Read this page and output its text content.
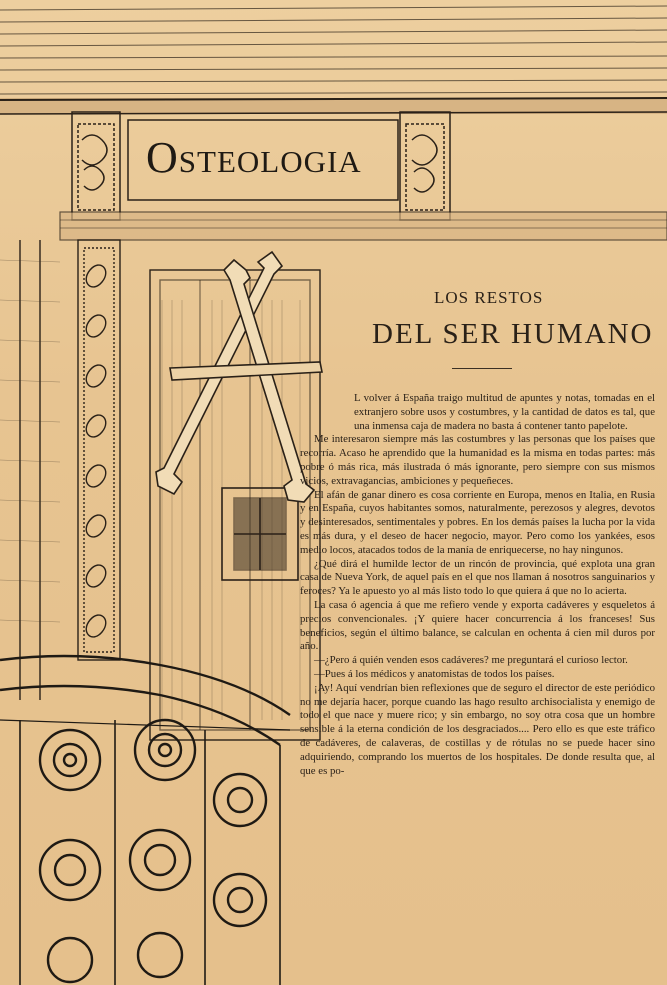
Osteologia
LOS RESTOS
DEL SER HUMANO

L volver á España traigo multitud de apuntes y notas, tomadas en el extranjero sobre usos y costumbres, y la cantidad de datos es tal, que una inmensa caja de madera no basta á contener tanto papelote.

Me interesaron siempre más las costumbres y las personas que los países que recorría. Acaso he aprendido que la humanidad es la misma en todas partes: más pobre ó más rica, más ilustrada ó más ignorante, pero siempre con sus mismos vicios, extravagancias, ambiciones y pequeñeces.

El afán de ganar dinero es cosa corriente en Europa, menos en Italia, en Rusia y en España, cuyos habitantes somos, naturalmente, perezosos y alegres, devotos y desinteresados, sentimentales y pobres. En los demás países la lucha por la vida es más dura, y el deseo de hacer negocio, mayor. Pero como los yankées, esos medio locos, atacados todos de la manía de enriquecerse, no hay ningunos.

¿Qué dirá el humilde lector de un rincón de provincia, qué explota una gran casa de Nueva York, de aquel país en el que nos llaman á nosotros sanguinarios y feroces? Ya le apuesto yo al más listo todo lo que quiera á que no lo acierta.

La casa ó agencia á que me refiero vende y exporta cadáveres y esqueletos á precios convencionales. ¡Y quiere hacer concurrencia á los franceses! Sus beneficios, según el último balance, se calculan en ochenta á cien mil duros por año.

—¿Pero á quién venden esos cadáveres? me preguntará el curioso lector.

—Pues á los médicos y anatomistas de todos los países.

¡Ay! Aquí vendrían bien reflexiones que de seguro el director de este periódico no me dejaría hacer, porque cuando las hago resulto archisocialista y enemigo de todo el que nace y muere rico; y sin embargo, no soy otra cosa que un hombre sensible á la eterna condición de los desgraciados.... Pero ello es que este tráfico de cadáveres, de calaveras, de costillas y de rótulas no se puede hacer sino adquiriendo, comprando los muertos de los hospitales. De donde resulta que, al que es po-
